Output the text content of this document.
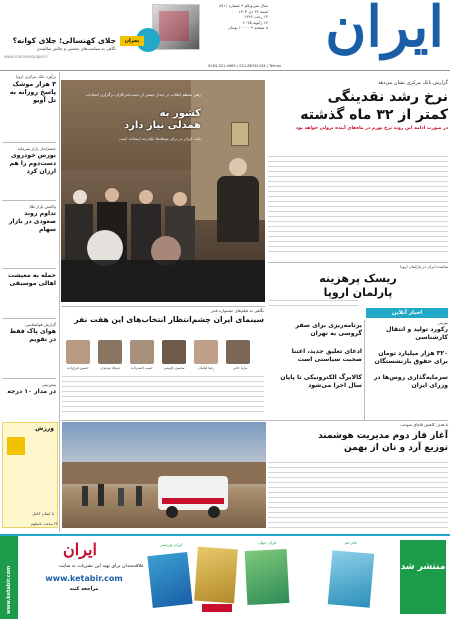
ایران
سال سی‌ویکم • شماره ۸۷۱۱
شنبه ۲۴ دی ۱۴۰۳
۱۳ رجب ۱۴۴۶
۱۴ ژانویه ۲۰۲۵
۸ صفحه • ۱۰۰۰۰ تومان
0263-321-4465 | 021-88761234 | Tehran
www.irannewspaper.ir
بحران
جلای کهنسالی؛ جلای کوانه؟
نگاهی به سیاست‌های جمعیتی و چالش سالمندی
برآورد بانک مرکزی اروپا
۳ هزار موشک پاسخ روزانه به تل آویو
چشم‌انداز بازار سرمایه
بورس خودروی دست‌دوم را هم ارزان کرد
واکنش بازار طلا
تداوم روند صعودی در بازار سهام
حمله به معیشت اهالی موسیقی
گزارش هواشناسی
هوای پاک فقط در تقویم
پیش‌بینی
در مدار ۱۰ درجه
ورزش
با ایمان کامل
کشور به
همدلی نیاز دارد
رهبر معظم انقلاب در دیدار جمعی از دست‌اندرکاران برگزاری انتخابات
ملت ایران در برابر توطئه‌ها یکپارچه ایستاده است
گزارش بانک مرکزی نشان می‌دهد
نرخ رشد نقدینگی
کمتر از ۳۲ ماه گذشته
در صورت ادامه این روند نرخ تورم در ماه‌های آینده نزولی خواهد بود
نماینده ایران در پارلمان اروپا
ریسک پرهزینه
پارلمان اروپا
اخبار آنلاین
بورس
رکورد تولید و انتقال کارشناسی
۳۲۰ هزار میلیارد تومان برای حقوق بازنشستگان
سرمایه‌گذاری روس‌ها در وزرای ایران
برنامه‌ریزی برای سفر گروسی به تهران
ادعای تعلیق جدید، اعتنا صحبت سیاستی است
کالابرگ الکترونیکی تا پایان سال اجرا می‌شود
نگاهی به فیلم‌های جشنواره فجر
سینمای ایران چشم‌انتظار انتخاب‌های این هفت نفر
حسین فرخ‌زاده	فرهاد توحیدی	حبیب احمدزاده	محسن چاوشی	رضا کیانیان	ماریا خانی
با هدف کاهش قاچاق سوخت
آغاز فاز دوم مدیریت هوشمند
توزیع آرد و نان از بهمن
۲۴ ساعت نامعلوم
www.ketabir.com
ایران
علاقه‌مندان برای تهیه این نشریات به سایت
www.ketabir.com
مراجعه کنند
ایران ورزشی	ایران جوان	جام جم
منتشر شد
